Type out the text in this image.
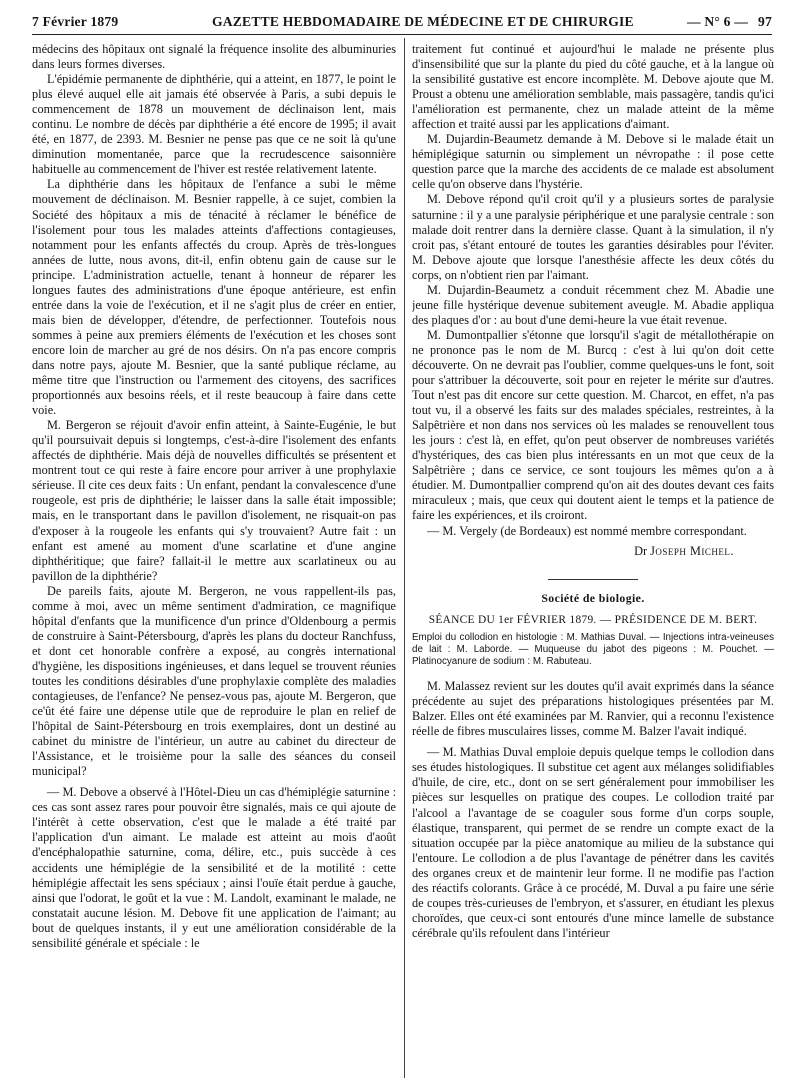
7 Février 1879	GAZETTE HEBDOMADAIRE DE MÉDECINE ET DE CHIRURGIE	— N° 6 — 97

médecins des hôpitaux ont signalé la fréquence insolite des albuminuries dans leurs formes diverses.

L'épidémie permanente de diphthérie, qui a atteint, en 1877, le point le plus élevé auquel elle ait jamais été observée à Paris, a subi depuis le commencement de 1878 un mouvement de déclinaison lent, mais continu. Le nombre de décès par diphthérie a été encore de 1995; il avait été, en 1877, de 2393. M. Besnier ne pense pas que ce ne soit là qu'une diminution momentanée, parce que la recrudescence saisonnière habituelle au commencement de l'hiver est restée relativement latente.

La diphthérie dans les hôpitaux de l'enfance a subi le même mouvement de déclinaison. M. Besnier rappelle, à ce sujet, combien la Société des hôpitaux a mis de ténacité à réclamer le bénéfice de l'isolement pour tous les malades atteints d'affections contagieuses, notamment pour les enfants affectés du croup. Après de très-longues années de lutte, nous avons, dit-il, enfin obtenu gain de cause sur le principe. L'administration actuelle, tenant à honneur de réparer les longues fautes des administrations d'une époque antérieure, est enfin entrée dans la voie de l'exécution, et il ne s'agit plus de créer en entier, mais bien de développer, d'étendre, de perfectionner. Toutefois nous sommes à peine aux premiers éléments de l'exécution et les choses sont encore loin de marcher au gré de nos désirs. On n'a pas encore compris dans notre pays, ajoute M. Besnier, que la santé publique réclame, au même titre que l'instruction ou l'armement des citoyens, des sacrifices proportionnés aux besoins réels, et il reste beaucoup à faire dans cette voie.

M. Bergeron se réjouit d'avoir enfin atteint, à Sainte-Eugénie, le but qu'il poursuivait depuis si longtemps, c'est-à-dire l'isolement des enfants affectés de diphthérie. Mais déjà de nouvelles difficultés se présentent et montrent tout ce qui reste à faire encore pour arriver à une prophylaxie sérieuse. Il cite ces deux faits : Un enfant, pendant la convalescence d'une rougeole, est pris de diphthérie; le laisser dans la salle était impossible; mais, en le transportant dans le pavillon d'isolement, ne risquait-on pas d'exposer à la rougeole les enfants qui s'y trouvaient? Autre fait : un enfant est amené au moment d'une scarlatine et d'une angine diphthéritique; que faire? fallait-il le mettre aux scarlatineux ou au pavillon de la diphthérie?

De pareils faits, ajoute M. Bergeron, ne vous rappellent-ils pas, comme à moi, avec un même sentiment d'admiration, ce magnifique hôpital d'enfants que la munificence d'un prince d'Oldenbourg a permis de construire à Saint-Pétersbourg, d'après les plans du docteur Ranchfuss, et dont cet honorable confrère a exposé, au congrès international d'hygiène, les dispositions ingénieuses, et dans lequel se trouvent réunies toutes les conditions désirables d'une prophylaxie complète des maladies contagieuses, de l'enfance? Ne pensez-vous pas, ajoute M. Bergeron, que ce'ût été faire une dépense utile que de reproduire le plan en relief de l'hôpital de Saint-Pétersbourg en trois exemplaires, dont un destiné au cabinet du ministre de l'intérieur, un autre au cabinet du directeur de l'Assistance, et le troisième pour la salle des séances du conseil municipal?

— M. Debove a observé à l'Hôtel-Dieu un cas d'hémiplégie saturnine : ces cas sont assez rares pour pouvoir être signalés, mais ce qui ajoute de l'intérêt à cette observation, c'est que le malade a été traité par l'application d'un aimant. Le malade est atteint au mois d'août d'encéphalopathie saturnine, coma, délire, etc., puis succède à ces accidents une hémiplégie de la sensibilité et de la motilité : cette hémiplégie affectait les sens spéciaux ; ainsi l'ouïe était perdue à gauche, ainsi que l'odorat, le goût et la vue : M. Landolt, examinant le malade, ne constatait aucune lésion. M. Debove fit une application de l'aimant; au bout de quelques instants, il y eut une amélioration considérable de la sensibilité générale et spéciale : le

traitement fut continué et aujourd'hui le malade ne présente plus d'insensibilité que sur la plante du pied du côté gauche, et à la langue où la sensibilité gustative est encore incomplète. M. Debove ajoute que M. Proust a obtenu une amélioration semblable, mais passagère, tandis qu'ici l'amélioration est permanente, chez un malade atteint de la même affection et traité aussi par les applications d'aimant.

M. Dujardin-Beaumetz demande à M. Debove si le malade était un hémiplégique saturnin ou simplement un névropathe : il pose cette question parce que la marche des accidents de ce malade est absolument celle qu'on observe dans l'hystérie.

M. Debove répond qu'il croit qu'il y a plusieurs sortes de paralysie saturnine : il y a une paralysie périphérique et une paralysie centrale : son malade doit rentrer dans la dernière classe. Quant à la simulation, il n'y croit pas, s'étant entouré de toutes les garanties désirables pour l'éviter. M. Debove ajoute que lorsque l'anesthésie affecte les deux côtés du corps, on n'obtient rien par l'aimant.

M. Dujardin-Beaumetz a conduit récemment chez M. Abadie une jeune fille hystérique devenue subitement aveugle. M. Abadie appliqua des plaques d'or : au bout d'une demi-heure la vue était revenue.

M. Dumontpallier s'étonne que lorsqu'il s'agit de métallothérapie on ne prononce pas le nom de M. Burcq : c'est à lui qu'on doit cette découverte. On ne devrait pas l'oublier, comme quelques-uns le font, soit pour s'attribuer la découverte, soit pour en rejeter le mérite sur d'autres. Tout n'est pas dit encore sur cette question. M. Charcot, en effet, n'a pas tout vu, il a observé les faits sur des malades spéciales, restreintes, à la Salpêtrière et non dans nos services où les malades se renouvellent tous les jours : c'est là, en effet, qu'on peut observer de nombreuses variétés d'hystériques, des cas bien plus intéressants en un mot que ceux de la Salpêtrière ; dans ce service, ce sont toujours les mêmes qu'on a à étudier. M. Dumontpallier comprend qu'on ait des doutes devant ces faits miraculeux ; mais, que ceux qui doutent aient le temps et la patience de faire les expériences, et ils croiront.

— M. Vergely (de Bordeaux) est nommé membre correspondant.

Dr Joseph Michel.
Société de biologie.
SÉANCE DU 1er FÉVRIER 1879. — PRÉSIDENCE DE M. BERT.
Emploi du collodion en histologie : M. Mathias Duval. — Injections intra-veineuses de lait : M. Laborde. — Muqueuse du jabot des pigeons : M. Pouchet. — Platinocyanure de sodium : M. Rabuteau.

M. Malassez revient sur les doutes qu'il avait exprimés dans la séance précédente au sujet des préparations histologiques présentées par M. Balzer. Elles ont été examinées par M. Ranvier, qui a reconnu l'existence réelle de fibres musculaires lisses, comme M. Balzer l'avait indiqué.

— M. Mathias Duval emploie depuis quelque temps le collodion dans ses études histologiques. Il substitue cet agent aux mélanges solidifiables d'huile, de cire, etc., dont on se sert généralement pour immobiliser les pièces sur lesquelles on pratique des coupes. Le collodion traité par l'alcool a l'avantage de se coaguler sous forme d'un corps souple, élastique, transparent, qui permet de se rendre un compte exact de la situation occupée par la pièce anatomique au milieu de la substance qui l'entoure. Le collodion a de plus l'avantage de pénétrer dans les cavités des organes creux et de maintenir leur forme. Il ne modifie pas l'action des réactifs colorants. Grâce à ce procédé, M. Duval a pu faire une série de coupes très-curieuses de l'embryon, et s'assurer, en étudiant les plexus choroïdes, que ceux-ci sont entourés d'une mince lamelle de substance cérébrale qu'ils refoulent dans l'intérieur
